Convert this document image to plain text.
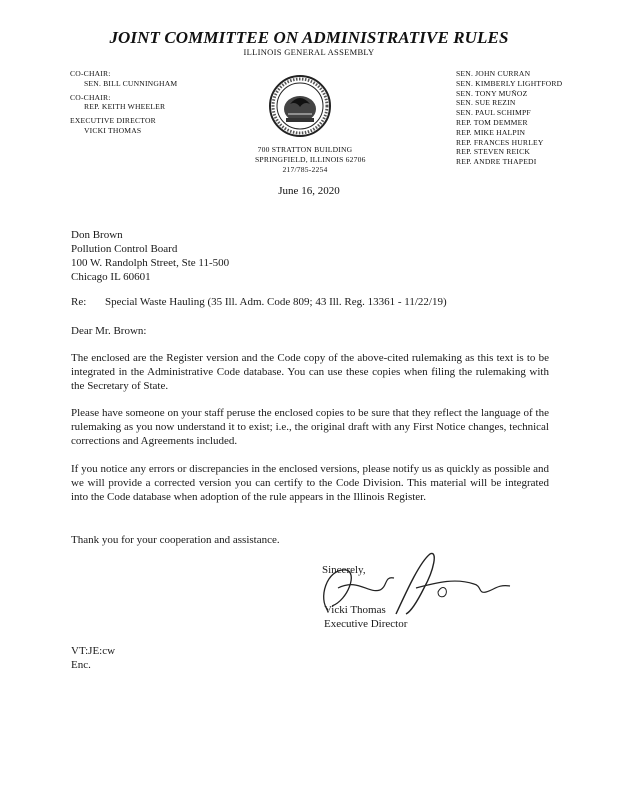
JOINT COMMITTEE ON ADMINISTRATIVE RULES
ILLINOIS GENERAL ASSEMBLY
CO-CHAIR:
SEN. BILL CUNNINGHAM
CO-CHAIR:
REP. KEITH WHEELER
EXECUTIVE DIRECTOR
VICKI THOMAS
700 STRATTON BUILDING
SPRINGFIELD, ILLINOIS 62706
217/785-2254
SEN. JOHN CURRAN
SEN. KIMBERLY LIGHTFORD
SEN. TONY MUÑOZ
SEN. SUE REZIN
SEN. PAUL SCHIMPF
REP. TOM DEMMER
REP. MIKE HALPIN
REP. FRANCES HURLEY
REP. STEVEN REICK
REP. ANDRE THAPEDI
June 16, 2020
Don Brown
Pollution Control Board
100 W. Randolph Street, Ste 11-500
Chicago IL 60601
Re: Special Waste Hauling (35 Ill. Adm. Code 809; 43 Ill. Reg. 13361 - 11/22/19)
Dear Mr. Brown:
The enclosed are the Register version and the Code copy of the above-cited rulemaking as this text is to be integrated in the Administrative Code database. You can use these copies when filing the rulemaking with the Secretary of State.
Please have someone on your staff peruse the enclosed copies to be sure that they reflect the language of the rulemaking as you now understand it to exist; i.e., the original draft with any First Notice changes, technical corrections and Agreements included.
If you notice any errors or discrepancies in the enclosed versions, please notify us as quickly as possible and we will provide a corrected version you can certify to the Code Division. This material will be integrated into the Code database when adoption of the rule appears in the Illinois Register.
Thank you for your cooperation and assistance.
Sincerely,
Vicki Thomas
Executive Director
VT:JE:cw
Enc.
